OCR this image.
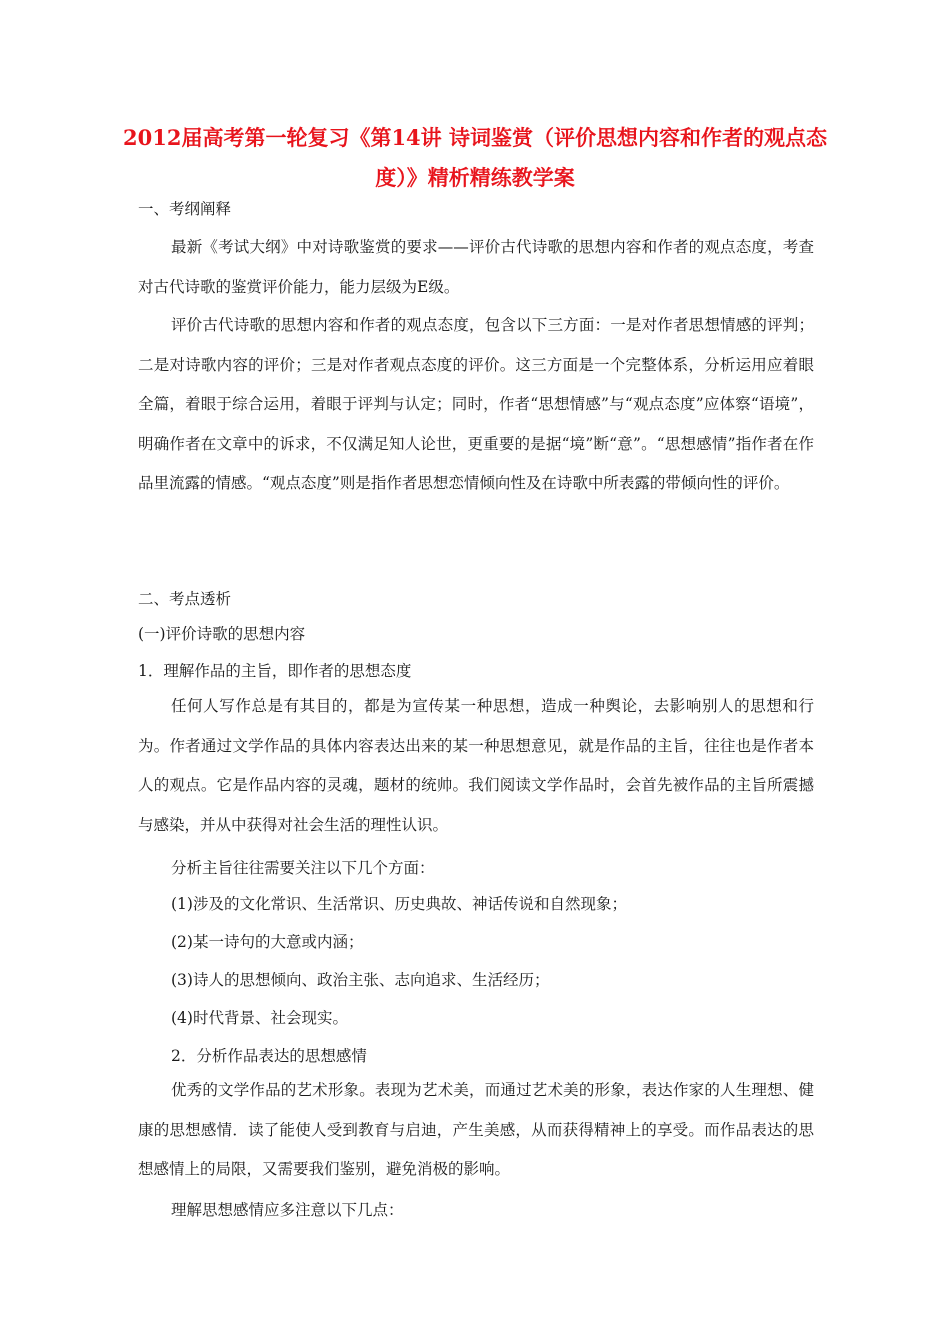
2012届高考第一轮复习《第14讲 诗词鉴赏（评价思想内容和作者的观点态度）》精析精练教学案

一、考纲阐释

最新《考试大纲》中对诗歌鉴赏的要求——评价古代诗歌的思想内容和作者的观点态度，考查对古代诗歌的鉴赏评价能力，能力层级为E级。

评价古代诗歌的思想内容和作者的观点态度，包含以下三方面：一是对作者思想情感的评判；二是对诗歌内容的评价；三是对作者观点态度的评价。这三方面是一个完整体系，分析运用应着眼全篇，着眼于综合运用，着眼于评判与认定；同时，作者“思想情感”与“观点态度”应体察“语境”，明确作者在文章中的诉求，不仅满足知人论世，更重要的是据“境”断“意”。“思想感情”指作者在作品里流露的情感。“观点态度”则是指作者思想恋情倾向性及在诗歌中所表露的带倾向性的评价。

二、考点透析

(一)评价诗歌的思想内容

1．理解作品的主旨，即作者的思想态度

任何人写作总是有其目的，都是为宣传某一种思想，造成一种舆论，去影响别人的思想和行为。作者通过文学作品的具体内容表达出来的某一种思想意见，就是作品的主旨，往往也是作者本人的观点。它是作品内容的灵魂，题材的统帅。我们阅读文学作品时，会首先被作品的主旨所震撼与感染，并从中获得对社会生活的理性认识。

分析主旨往往需要关注以下几个方面：

(1)涉及的文化常识、生活常识、历史典故、神话传说和自然现象；

(2)某一诗句的大意或内涵；

(3)诗人的思想倾向、政治主张、志向追求、生活经历；

(4)时代背景、社会现实。

2．分析作品表达的思想感情

优秀的文学作品的艺术形象。表现为艺术美，而通过艺术美的形象，表达作家的人生理想、健康的思想感情．读了能使人受到教育与启迪，产生美感，从而获得精神上的享受。而作品表达的思想感情上的局限，又需要我们鉴别，避免消极的影响。

理解思想感情应多注意以下几点：
